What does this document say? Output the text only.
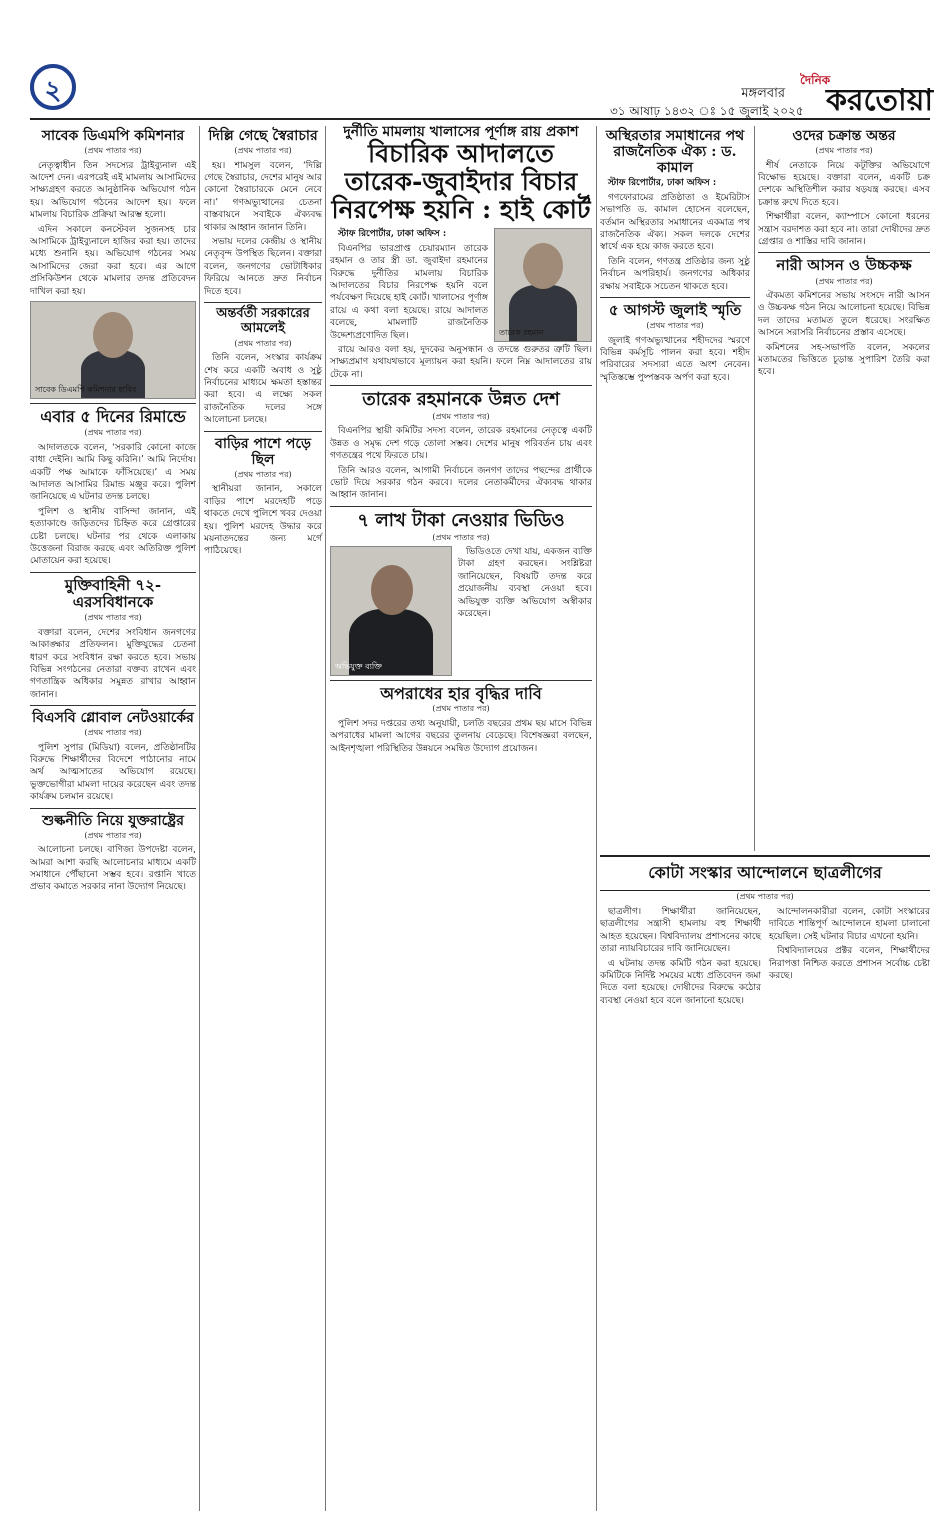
২	মঙ্গলবার
৩১ আষাঢ় ১৪৩২ ঃ ১৫ জুলাই ২০২৫
দৈনিক
করতোয়া
সাবেক ডিএমপি কমিশনার
(প্রথম পাতার পর)

নেতৃত্বাধীন তিন সদস্যের ট্রাইব্যুনাল এই আদেশ দেন। এরপরেই এই মামলায় আসামিদের সাক্ষ্যগ্রহণ করতে আনুষ্ঠানিক অভিযোগ গঠন হয়। অভিযোগ গঠনের আদেশ হয়। ফলে মামলায় বিচারিক প্রক্রিয়া আরম্ভ হলো।

এদিন সকালে কনস্টেবল সুজনসহ চার আসামিকে ট্রাইব্যুনালে হাজির করা হয়। তাদের মধ্যে শুনানি হয়। অভিযোগ গঠনের সময় আসামিদের জেরা করা হবে। এর আগে প্রসিকিউশন থেকে মামলার তদন্ত প্রতিবেদন দাখিল করা হয়।

সাবেক ডিএমপি কমিশনার হাবিব
এবার ৫ দিনের রিমান্ডে
(প্রথম পাতার পর)

আদালতকে বলেন, ‘সরকারি কোনো কাজে বাধা দেইনি। আমি কিছু করিনি।’ আমি নির্দোষ। একটি পক্ষ আমাকে ফাঁসিয়েছে।’ এ সময় আদালত আসামির রিমান্ড মঞ্জুর করে। পুলিশ জানিয়েছে এ ঘটনার তদন্ত চলছে।

পুলিশ ও স্থানীয় বাসিন্দা জানান, এই হত্যাকাণ্ডে জড়িতদের চিহ্নিত করে গ্রেপ্তারের চেষ্টা চলছে। ঘটনার পর থেকে এলাকায় উত্তেজনা বিরাজ করছে এবং অতিরিক্ত পুলিশ মোতায়েন করা হয়েছে।

মুক্তিবাহিনী ৭২-এরসবিধানকে
(প্রথম পাতার পর)

বক্তারা বলেন, দেশের সংবিধান জনগণের আকাঙ্ক্ষার প্রতিফলন। মুক্তিযুদ্ধের চেতনা ধারণ করে সংবিধান রক্ষা করতে হবে। সভায় বিভিন্ন সংগঠনের নেতারা বক্তব্য রাখেন এবং গণতান্ত্রিক অধিকার সমুন্নত রাখার আহ্বান জানান।

বিএসবি গ্লোবাল নেটওয়ার্কের
(প্রথম পাতার পর)

পুলিশ সুপার (মিডিয়া) বলেন, প্রতিষ্ঠানটির বিরুদ্ধে শিক্ষার্থীদের বিদেশে পাঠানোর নামে অর্থ আত্মসাতের অভিযোগ রয়েছে। ভুক্তভোগীরা মামলা দায়ের করেছেন এবং তদন্ত কার্যক্রম চলমান রয়েছে।

শুল্কনীতি নিয়ে যুক্তরাষ্ট্রের
(প্রথম পাতার পর)

আলোচনা চলছে। বাণিজ্য উপদেষ্টা বলেন, আমরা আশা করছি আলোচনার মাধ্যমে একটি সমাধানে পৌঁছানো সম্ভব হবে। রপ্তানি খাতে প্রভাব কমাতে সরকার নানা উদ্যোগ নিয়েছে।

দিল্লি গেছে স্বৈরাচার
(প্রথম পাতার পর)

হয়। শামসুল বলেন, ‘দিল্লি গেছে স্বৈরাচার, দেশের মানুষ আর কোনো স্বৈরাচারকে মেনে নেবে না।’ গণঅভ্যুত্থানের চেতনা বাস্তবায়নে সবাইকে ঐক্যবদ্ধ থাকার আহ্বান জানান তিনি।

সভায় দলের কেন্দ্রীয় ও স্থানীয় নেতৃবৃন্দ উপস্থিত ছিলেন। বক্তারা বলেন, জনগণের ভোটাধিকার ফিরিয়ে আনতে দ্রুত নির্বাচন দিতে হবে।

অন্তর্বর্তী সরকারের আমলেই
(প্রথম পাতার পর)

তিনি বলেন, সংস্কার কার্যক্রম শেষ করে একটি অবাধ ও সুষ্ঠু নির্বাচনের মাধ্যমে ক্ষমতা হস্তান্তর করা হবে। এ লক্ষ্যে সকল রাজনৈতিক দলের সঙ্গে আলোচনা চলছে।

বাড়ির পাশে পড়ে ছিল
(প্রথম পাতার পর)

স্থানীয়রা জানান, সকালে বাড়ির পাশে মরদেহটি পড়ে থাকতে দেখে পুলিশে খবর দেওয়া হয়। পুলিশ মরদেহ উদ্ধার করে ময়নাতদন্তের জন্য মর্গে পাঠিয়েছে।

দুর্নীতি মামলায় খালাসের পূর্ণাঙ্গ রায় প্রকাশ
বিচারিক আদালতে তারেক-জুবাইদার বিচার নিরপেক্ষ হয়নি : হাই কোর্ট

স্টাফ রিপোর্টার, ঢাকা অফিস :

বিএনপির ভারপ্রাপ্ত চেয়ারম্যান তারেক রহমান ও তার স্ত্রী ডা. জুবাইদা রহমানের বিরুদ্ধে দুর্নীতির মামলায় বিচারিক আদালতের বিচার নিরপেক্ষ হয়নি বলে পর্যবেক্ষণ দিয়েছে হাই কোর্ট। খালাসের পূর্ণাঙ্গ রায়ে এ কথা বলা হয়েছে। রায়ে আদালত বলেছে, মামলাটি রাজনৈতিক উদ্দেশ্যপ্রণোদিত ছিল।	তারেক রহমান

রায়ে আরও বলা হয়, দুদকের অনুসন্ধান ও তদন্তে গুরুতর ত্রুটি ছিল। সাক্ষ্যপ্রমাণ যথাযথভাবে মূল্যায়ন করা হয়নি। ফলে নিম্ন আদালতের রায় টেকে না।

তারেক রহমানকে উন্নত দেশ
(প্রথম পাতার পর)

বিএনপির স্থায়ী কমিটির সদস্য বলেন, তারেক রহমানের নেতৃত্বে একটি উন্নত ও সমৃদ্ধ দেশ গড়ে তোলা সম্ভব। দেশের মানুষ পরিবর্তন চায় এবং গণতন্ত্রের পথে ফিরতে চায়।

তিনি আরও বলেন, আগামী নির্বাচনে জনগণ তাদের পছন্দের প্রার্থীকে ভোট দিয়ে সরকার গঠন করবে। দলের নেতাকর্মীদের ঐক্যবদ্ধ থাকার আহ্বান জানান।

৭ লাখ টাকা নেওয়ার ভিডিও
(প্রথম পাতার পর)
অভিযুক্ত ব্যক্তি

ভিডিওতে দেখা যায়, একজন ব্যক্তি টাকা গ্রহণ করছেন। সংশ্লিষ্টরা জানিয়েছেন, বিষয়টি তদন্ত করে প্রয়োজনীয় ব্যবস্থা নেওয়া হবে। অভিযুক্ত ব্যক্তি অভিযোগ অস্বীকার করেছেন।

অপরাধের হার বৃদ্ধির দাবি
(প্রথম পাতার পর)

পুলিশ সদর দপ্তরের তথ্য অনুযায়ী, চলতি বছরের প্রথম ছয় মাসে বিভিন্ন অপরাধের মামলা আগের বছরের তুলনায় বেড়েছে। বিশেষজ্ঞরা বলছেন, আইনশৃঙ্খলা পরিস্থিতির উন্নয়নে সমন্বিত উদ্যোগ প্রয়োজন।

অস্থিরতার সমাধানের পথ রাজনৈতিক ঐক্য : ড. কামাল

স্টাফ রিপোর্টার, ঢাকা অফিস :

গণফোরামের প্রতিষ্ঠাতা ও ইমেরিটাস সভাপতি ড. কামাল হোসেন বলেছেন, বর্তমান অস্থিরতার সমাধানের একমাত্র পথ রাজনৈতিক ঐক্য। সকল দলকে দেশের স্বার্থে এক হয়ে কাজ করতে হবে।

তিনি বলেন, গণতন্ত্র প্রতিষ্ঠার জন্য সুষ্ঠু নির্বাচন অপরিহার্য। জনগণের অধিকার রক্ষায় সবাইকে সচেতন থাকতে হবে।

৫ আগস্ট জুলাই স্মৃতি
(প্রথম পাতার পর)

জুলাই গণঅভ্যুত্থানের শহীদদের স্মরণে বিভিন্ন কর্মসূচি পালন করা হবে। শহীদ পরিবারের সদস্যরা এতে অংশ নেবেন। স্মৃতিস্তম্ভে পুষ্পস্তবক অর্পণ করা হবে।

ওদের চক্রান্ত অন্তর
(প্রথম পাতার পর)

শীর্ষ নেতাকে নিয়ে কটূক্তির অভিযোগে বিক্ষোভ হয়েছে। বক্তারা বলেন, একটি চক্র দেশকে অস্থিতিশীল করার ষড়যন্ত্র করছে। এসব চক্রান্ত রুখে দিতে হবে।

শিক্ষার্থীরা বলেন, ক্যাম্পাসে কোনো ধরনের সন্ত্রাস বরদাশত করা হবে না। তারা দোষীদের দ্রুত গ্রেপ্তার ও শাস্তির দাবি জানান।

নারী আসন ও উচ্চকক্ষ
(প্রথম পাতার পর)

ঐকমত্য কমিশনের সভায় সংসদে নারী আসন ও উচ্চকক্ষ গঠন নিয়ে আলোচনা হয়েছে। বিভিন্ন দল তাদের মতামত তুলে ধরেছে। সংরক্ষিত আসনে সরাসরি নির্বাচনের প্রস্তাব এসেছে।

কমিশনের সহ-সভাপতি বলেন, সকলের মতামতের ভিত্তিতে চূড়ান্ত সুপারিশ তৈরি করা হবে।

কোটা সংস্কার আন্দোলনে ছাত্রলীগের
(প্রথম পাতার পর)

ছাত্রলীগ। শিক্ষার্থীরা জানিয়েছেন, ছাত্রলীগের সন্ত্রাসী হামলায় বহু শিক্ষার্থী আহত হয়েছেন। বিশ্ববিদ্যালয় প্রশাসনের কাছে তারা ন্যায়বিচারের দাবি জানিয়েছেন।

এ ঘটনায় তদন্ত কমিটি গঠন করা হয়েছে। কমিটিকে নির্দিষ্ট সময়ের মধ্যে প্রতিবেদন জমা দিতে বলা হয়েছে। দোষীদের বিরুদ্ধে কঠোর ব্যবস্থা নেওয়া হবে বলে জানানো হয়েছে।

আন্দোলনকারীরা বলেন, কোটা সংস্কারের দাবিতে শান্তিপূর্ণ আন্দোলনে হামলা চালানো হয়েছিল। সেই ঘটনার বিচার এখনো হয়নি।

বিশ্ববিদ্যালয়ের প্রক্টর বলেন, শিক্ষার্থীদের নিরাপত্তা নিশ্চিত করতে প্রশাসন সর্বোচ্চ চেষ্টা করছে।
